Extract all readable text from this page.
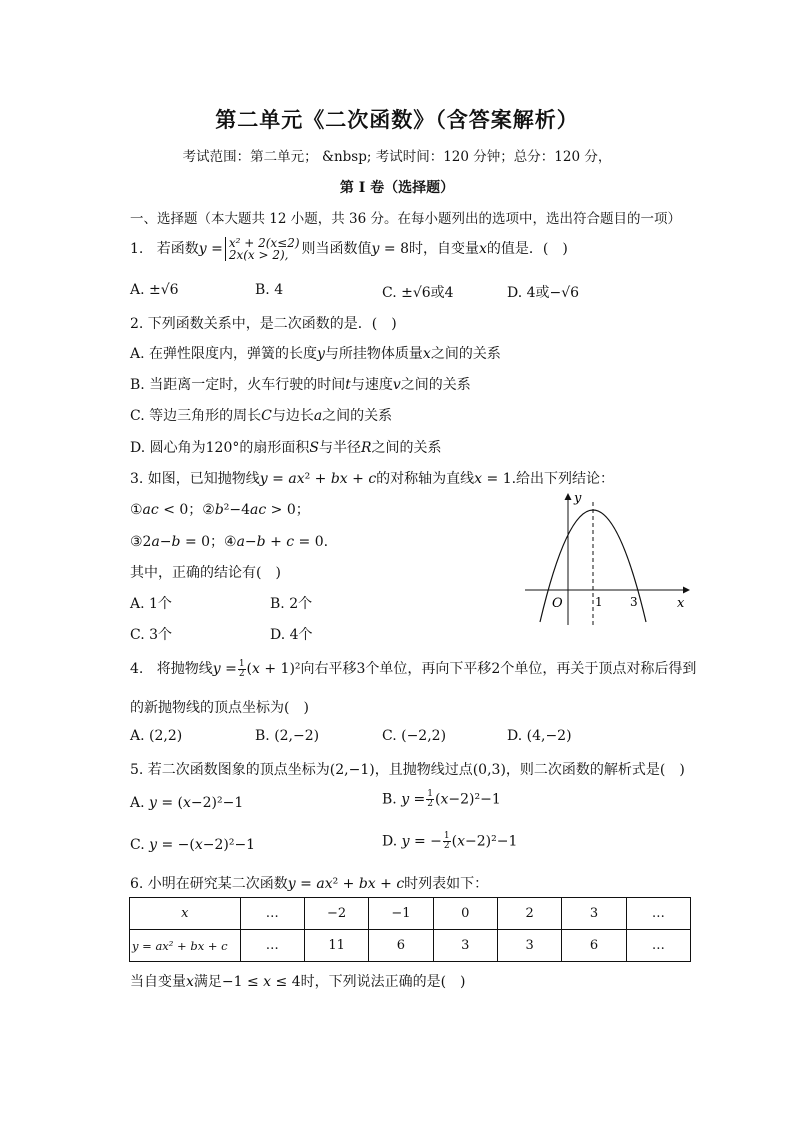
第二单元《二次函数》（含答案解析）
考试范围：第二单元； &nbsp; 考试时间：120 分钟；总分：120 分，
第 I 卷（选择题）
一、选择题（本大题共 12 小题，共 36 分。在每小题列出的选项中，选出符合题目的一项）
1. 若函数𝑦 = x² + 2(x≤2)
2x(x > 2), 则当函数值𝑦 = 8时，自变量𝑥的值是．(　)
A. ±√6	B. 4	C. ±√6或4	D. 4或−√6
2. 下列函数关系中，是二次函数的是．(　)
A. 在弹性限度内，弹簧的长度𝑦与所挂物体质量𝑥之间的关系
B. 当距离一定时，火车行驶的时间𝑡与速度𝑣之间的关系
C. 等边三角形的周长𝐶与边长𝑎之间的关系
D. 圆心角为120°的扇形面积𝑆与半径𝑅之间的关系
3. 如图，已知抛物线𝑦 = 𝑎𝑥² + 𝑏𝑥 + 𝑐的对称轴为直线𝑥 = 1.给出下列结论：
①𝑎𝑐 < 0；②𝑏²−4𝑎𝑐 > 0；
③2𝑎−𝑏 = 0；④𝑎−𝑏 + 𝑐 = 0.
其中，正确的结论有(　)
A. 1个	B. 2个
C. 3个	D. 4个
y
x
O	1 3
4. 将抛物线𝑦 = $\frac{1}{2}$ (𝑥 + 1)²向右平移3个单位，再向下平移2个单位，再关于顶点对称后得到
的新抛物线的顶点坐标为(　)
A. (2,2)	B. (2,−2)	C. (−2,2)	D. (4,−2)
5. 若二次函数图象的顶点坐标为(2,−1)，且抛物线过点(0,3)，则二次函数的解析式是(　)
A. 𝑦 = (𝑥−2)²−1	B. 𝑦 = $\frac{1}{2}$ (𝑥−2)²−1
C. 𝑦 = −(𝑥−2)²−1	D. 𝑦 = − $\frac{1}{2}$ (𝑥−2)²−1
6. 小明在研究某二次函数𝑦 = 𝑎𝑥² + 𝑏𝑥 + 𝑐时列表如下：
x	…	−2	−1	0	2	3	…
y = ax² + bx + c	…	11	6	3	3	6	…
当自变量𝑥满足−1 ≤ 𝑥 ≤ 4时，下列说法正确的是(　)
